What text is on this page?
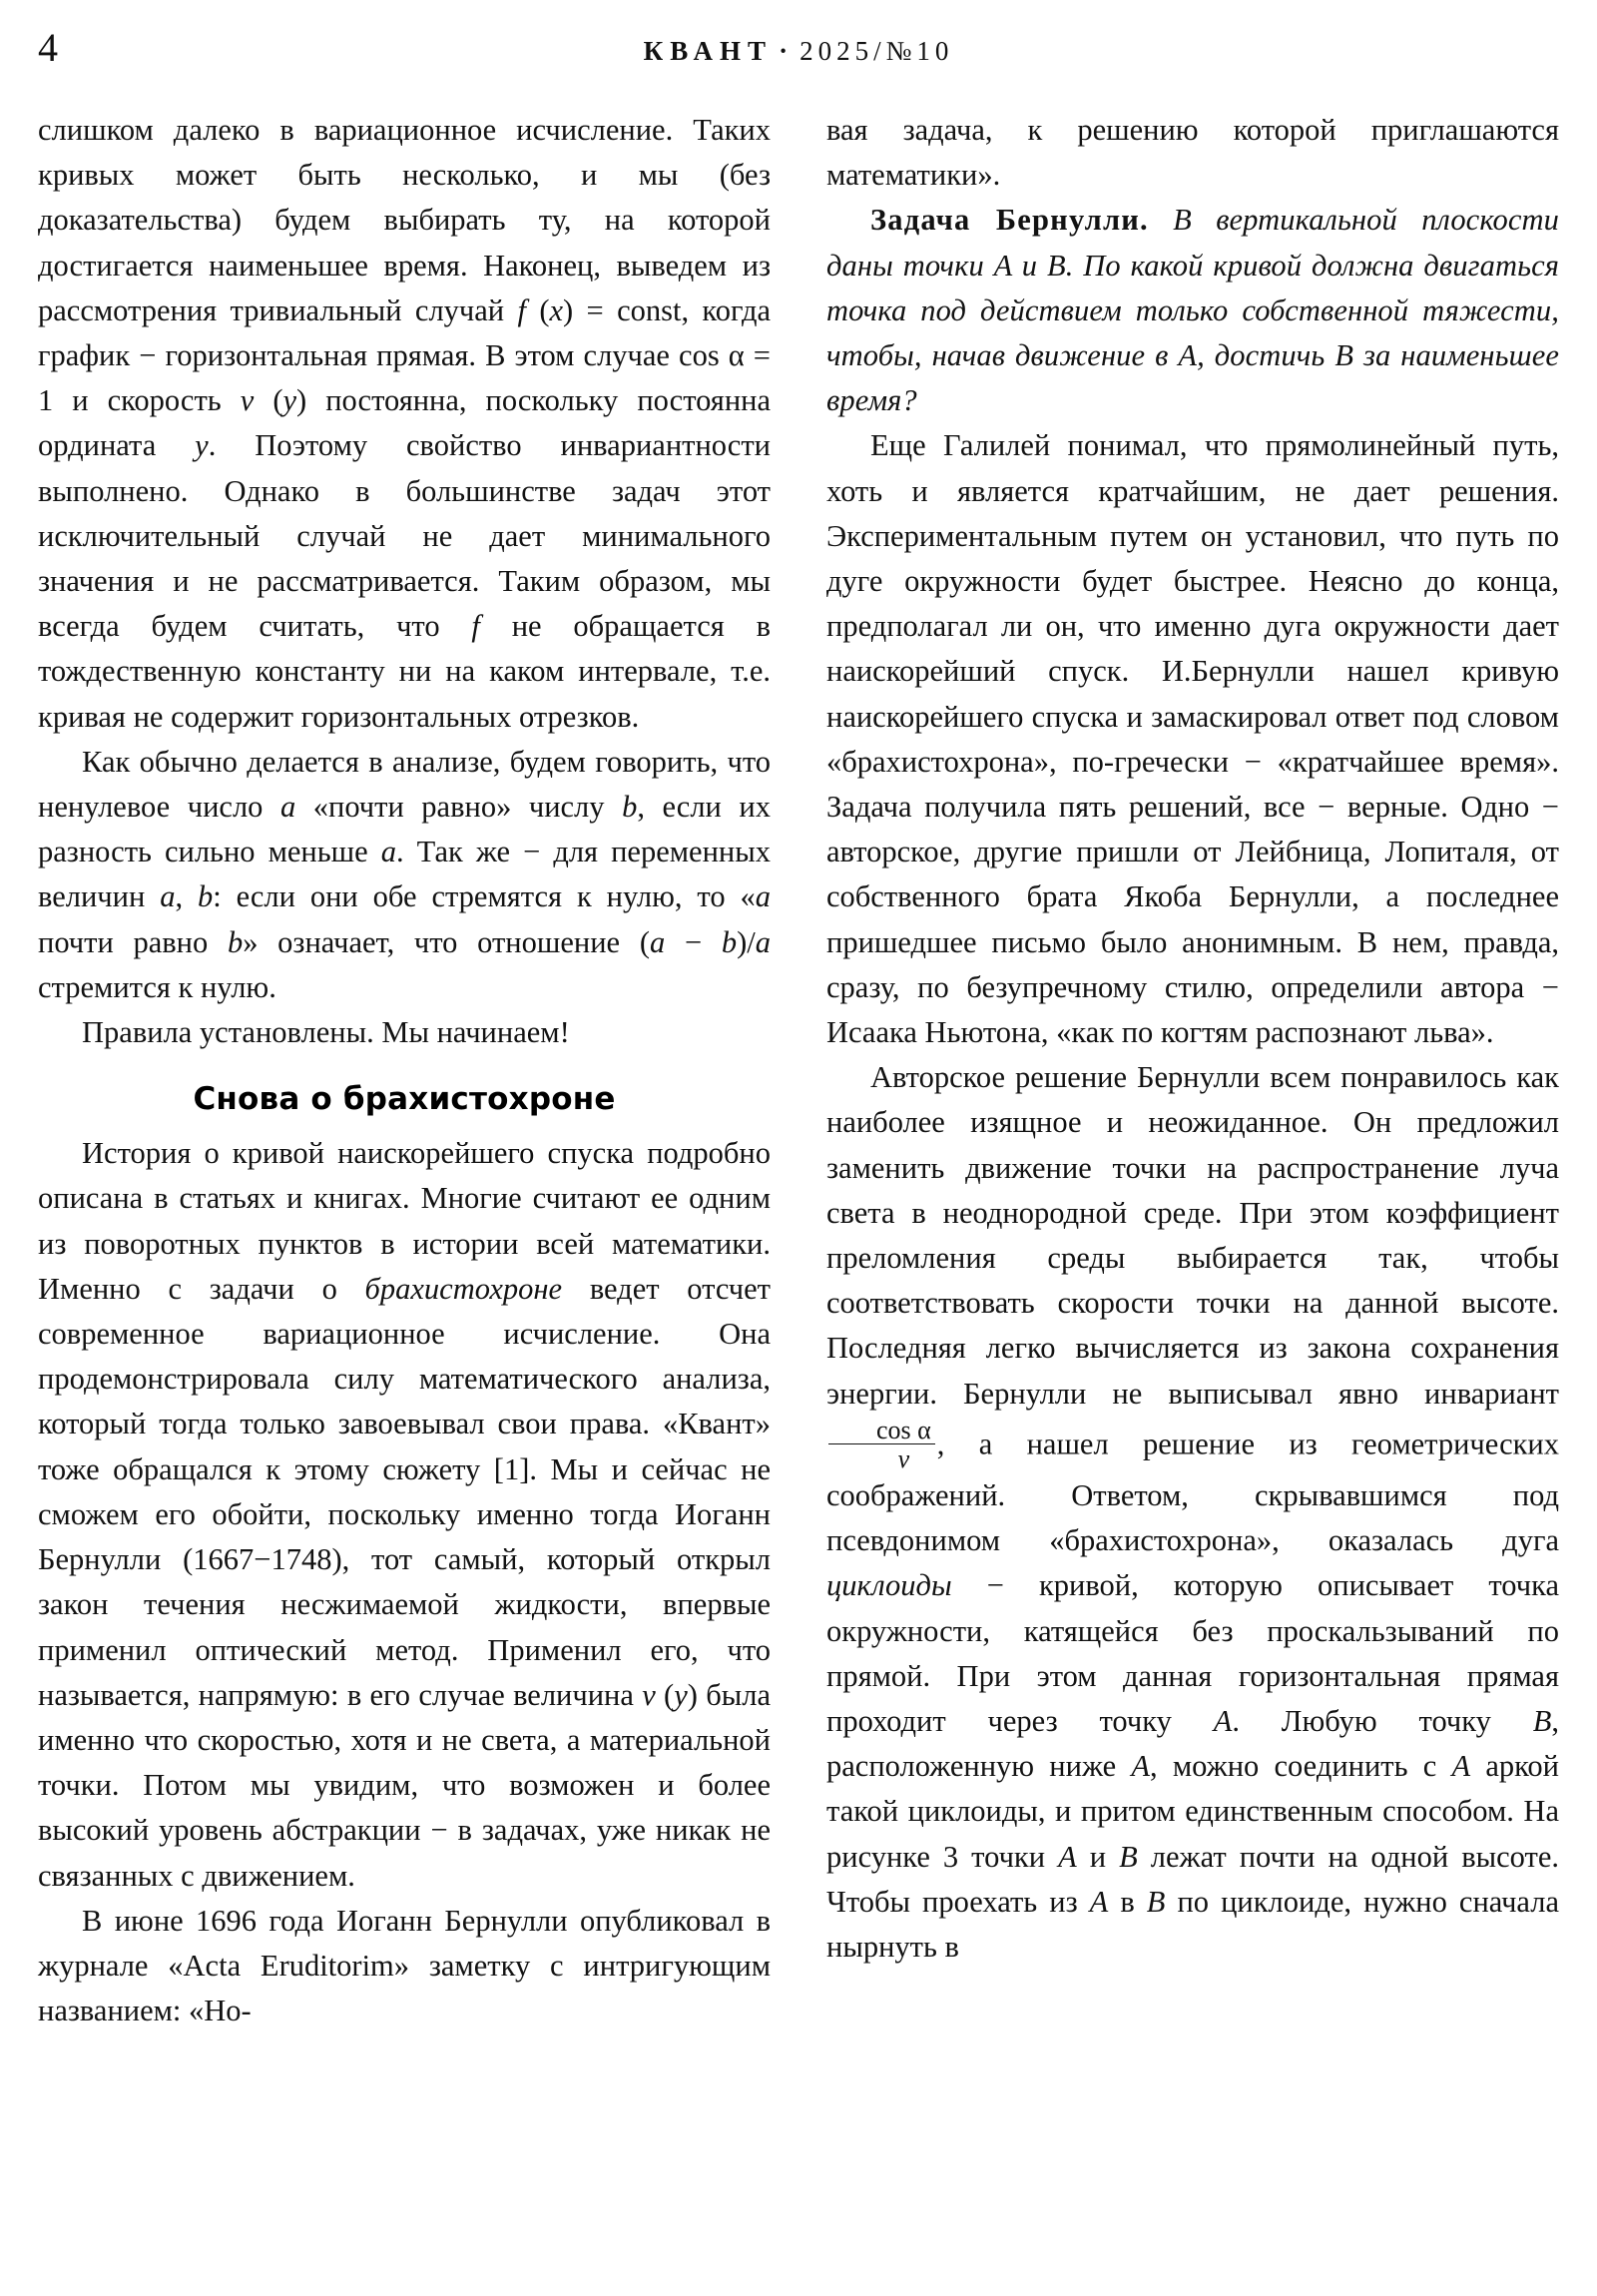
4	КВАНТ · 2025/№10

слишком далеко в вариационное исчисление. Таких кривых может быть несколько, и мы (без доказательства) будем выбирать ту, на которой достигается наименьшее время. Наконец, выведем из рассмотрения тривиальный случай f (x) = const, когда график − горизонтальная прямая. В этом случае cos α = 1 и скорость v (y) постоянна, поскольку постоянна ордината y. Поэтому свойство инвариантности выполнено. Однако в большинстве задач этот исключительный случай не дает минимального значения и не рассматривается. Таким образом, мы всегда будем считать, что f не обращается в тождественную константу ни на каком интервале, т.е. кривая не содержит горизонтальных отрезков.

Как обычно делается в анализе, будем говорить, что ненулевое число a «почти равно» числу b, если их разность сильно меньше a. Так же − для переменных величин a, b: если они обе стремятся к нулю, то «a почти равно b» означает, что отношение (a − b)/a стремится к нулю.

Правила установлены. Мы начинаем!

Снова о брахистохроне

История о кривой наискорейшего спуска подробно описана в статьях и книгах. Многие считают ее одним из поворотных пунктов в истории всей математики. Именно с задачи о брахистохроне ведет отсчет современное вариационное исчисление. Она продемонстрировала силу математического анализа, который тогда только завоевывал свои права. «Квант» тоже обращался к этому сюжету [1]. Мы и сейчас не сможем его обойти, поскольку именно тогда Иоганн Бернулли (1667−1748), тот самый, который открыл закон течения несжимаемой жидкости, впервые применил оптический метод. Применил его, что называется, напрямую: в его случае величина v (y) была именно что скоростью, хотя и не света, а материальной точки. Потом мы увидим, что возможен и более высокий уровень абстракции − в задачах, уже никак не связанных с движением.

В июне 1696 года Иоганн Бернулли опубликовал в журнале «Acta Eruditorim» заметку с интригующим названием: «Но-

вая задача, к решению которой приглашаются математики».

Задача Бернулли. В вертикальной плоскости даны точки A и B. По какой кривой должна двигаться точка под действием только собственной тяжести, чтобы, начав движение в A, достичь B за наименьшее время?

Еще Галилей понимал, что прямолинейный путь, хоть и является кратчайшим, не дает решения. Экспериментальным путем он установил, что путь по дуге окружности будет быстрее. Неясно до конца, предполагал ли он, что именно дуга окружности дает наискорейший спуск. И.Бернулли нашел кривую наискорейшего спуска и замаскировал ответ под словом «брахистохрона», по-гречески − «кратчайшее время». Задача получила пять решений, все − верные. Одно − авторское, другие пришли от Лейбница, Лопиталя, от собственного брата Якоба Бернулли, а последнее пришедшее письмо было анонимным. В нем, правда, сразу, по безупречному стилю, определили автора − Исаака Ньютона, «как по когтям распознают льва».

Авторское решение Бернулли всем понравилось как наиболее изящное и неожиданное. Он предложил заменить движение точки на распространение луча света в неоднородной среде. При этом коэффициент преломления среды выбирается так, чтобы соответствовать скорости точки на данной высоте. Последняя легко вычисляется из закона сохранения энергии. Бернулли не выписывал явно инвариант
$\frac{\text{cos α}}{v}$ , а нашел решение из геометрических соображений. Ответом, скрывавшимся под псевдонимом «брахистохрона», оказалась дуга циклоиды − кривой, которую описывает точка окружности, катящейся без проскальзываний по прямой. При этом данная горизонтальная прямая проходит через точку A. Любую точку B, расположенную ниже A, можно соединить с A аркой такой циклоиды, и притом единственным способом. На рисунке 3 точки A и B лежат почти на одной высоте. Чтобы проехать из A в B по циклоиде, нужно сначала нырнуть в
